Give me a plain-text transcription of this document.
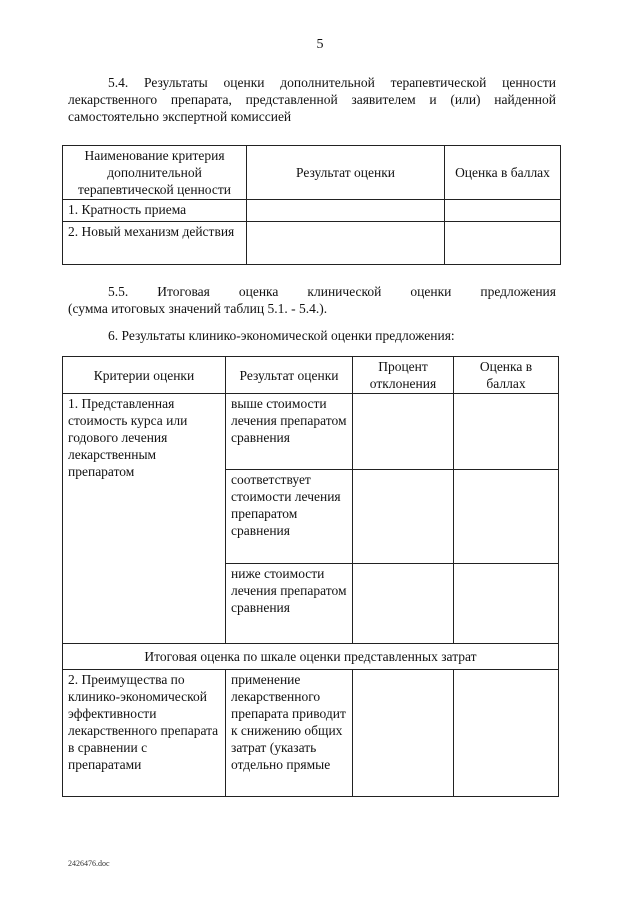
5
5.4. Результаты оценки дополнительной терапевтической ценности
лекарственного препарата, представленной заявителем и (или) найденной
самостоятельно экспертной комиссией
Наименование критерия дополнительной терапевтической ценности	Результат оценки	Оценка в баллах
1. Кратность приема		
2. Новый механизм действия		
5.5. Итоговая оценка клинической оценки предложения
(сумма итоговых значений таблиц 5.1. - 5.4.).
6. Результаты клинико-экономической оценки предложения:
Критерии оценки	Результат оценки	Процент отклонения	Оценка в баллах
1. Представленная стоимость курса или годового лечения лекарственным препаратом	выше стоимости лечения препаратом сравнения		
	соответствует стоимости лечения препаратом сравнения		
	ниже стоимости лечения препаратом сравнения		
Итоговая оценка по шкале оценки представленных затрат			
2. Преимущества по клинико-экономической эффективности лекарственного препарата в сравнении с препаратами	применение лекарственного препарата приводит к снижению общих затрат (указать отдельно прямые		
2426476.doc
